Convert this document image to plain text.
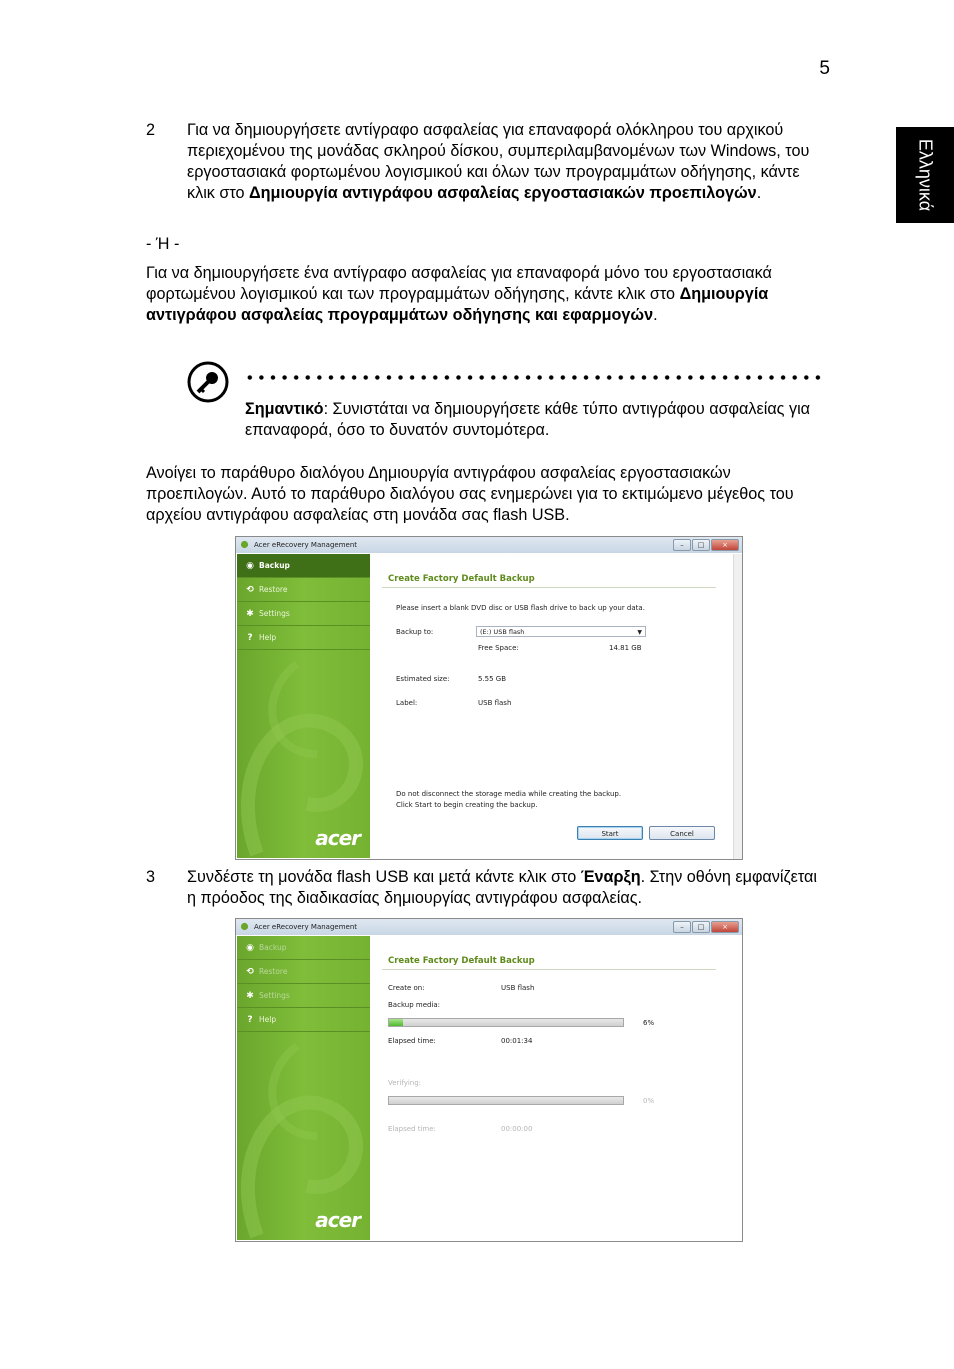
5
Ελληνικά
2 Για να δημιουργήσετε αντίγραφο ασφαλείας για επαναφορά ολόκληρου του αρχικού περιεχομένου της μονάδας σκληρού δίσκου, συμπεριλαμβανομένων των Windows, του εργοστασιακά φορτωμένου λογισμικού και όλων των προγραμμάτων οδήγησης, κάντε κλικ στο Δημιουργία αντιγράφου ασφαλείας εργοστασιακών προεπιλογών.
- Ή -
Για να δημιουργήσετε ένα αντίγραφο ασφαλείας για επαναφορά μόνο του εργοστασιακά φορτωμένου λογισμικού και των προγραμμάτων οδήγησης, κάντε κλικ στο Δημιουργία αντιγράφου ασφαλείας προγραμμάτων οδήγησης και εφαρμογών.
Σημαντικό: Συνιστάται να δημιουργήσετε κάθε τύπο αντιγράφου ασφαλείας για επαναφορά, όσο το δυνατόν συντομότερα.
Ανοίγει το παράθυρο διαλόγου Δημιουργία αντιγράφου ασφαλείας εργοστασιακών προεπιλογών. Αυτό το παράθυρο διαλόγου σας ενημερώνει για το εκτιμώμενο μέγεθος του αρχείου αντιγράφου ασφαλείας στη μονάδα σας flash USB.
Acer eRecovery Management	–	□	×
◉ Backup
⟲ Restore
✱ Settings
? Help
acer
Create Factory Default Backup
Please insert a blank DVD disc or USB flash drive to back up your data.
Backup to:	(E:) USB flash	▼
Free Space:	14.81 GB
Estimated size:	5.55 GB
Label:	USB flash
Do not disconnect the storage media while creating the backup.
Click Start to begin creating the backup.
Start	Cancel
3 Συνδέστε τη μονάδα flash USB και μετά κάντε κλικ στο Έναρξη. Στην οθόνη εμφανίζεται η πρόοδος της διαδικασίας δημιουργίας αντιγράφου ασφαλείας.
Acer eRecovery Management	–	□	×
◉ Backup
⟲ Restore
✱ Settings
? Help
acer
Create Factory Default Backup
Create on:	USB flash
Backup media:
6%
Elapsed time:	00:01:34
Verifying:
0%
Elapsed time:	00:00:00
